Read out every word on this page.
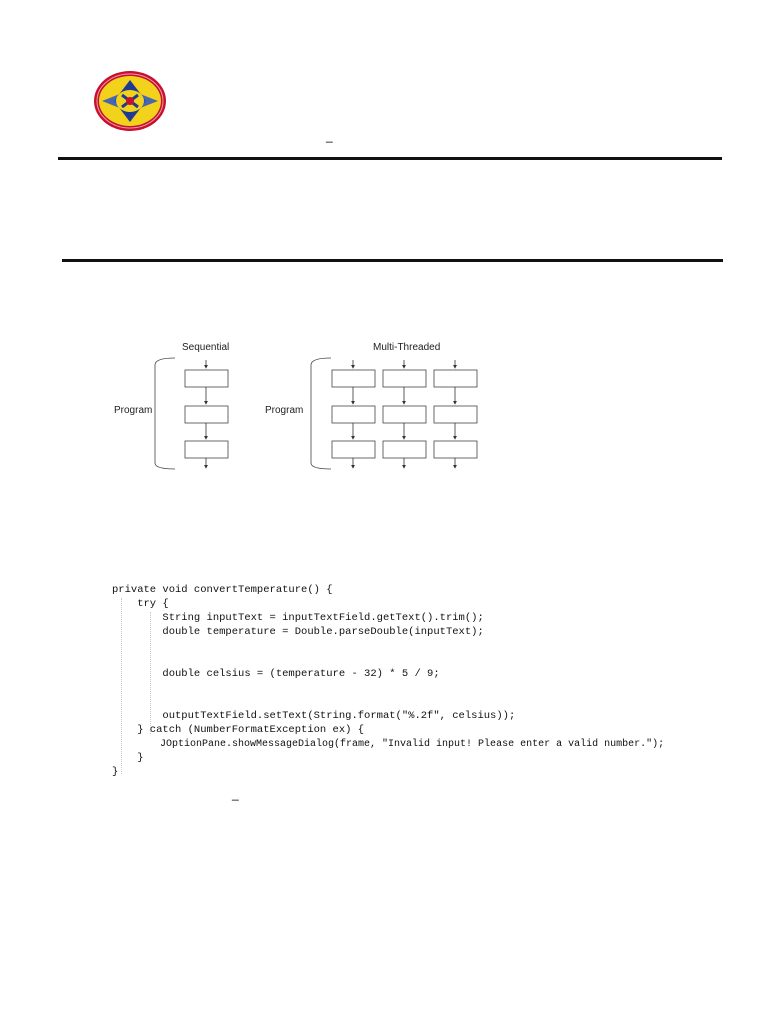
_
Sequential
Program
Multi-Threaded
Program

private void convertTemperature() {

try {

String inputText = inputTextField.getText().trim();

double temperature = Double.parseDouble(inputText);

double celsius = (temperature - 32) * 5 / 9;

outputTextField.setText(String.format("%.2f", celsius));

} catch (NumberFormatException ex) {

JOptionPane.showMessageDialog(frame, "Invalid input! Please enter a valid number.");

}

}

_
